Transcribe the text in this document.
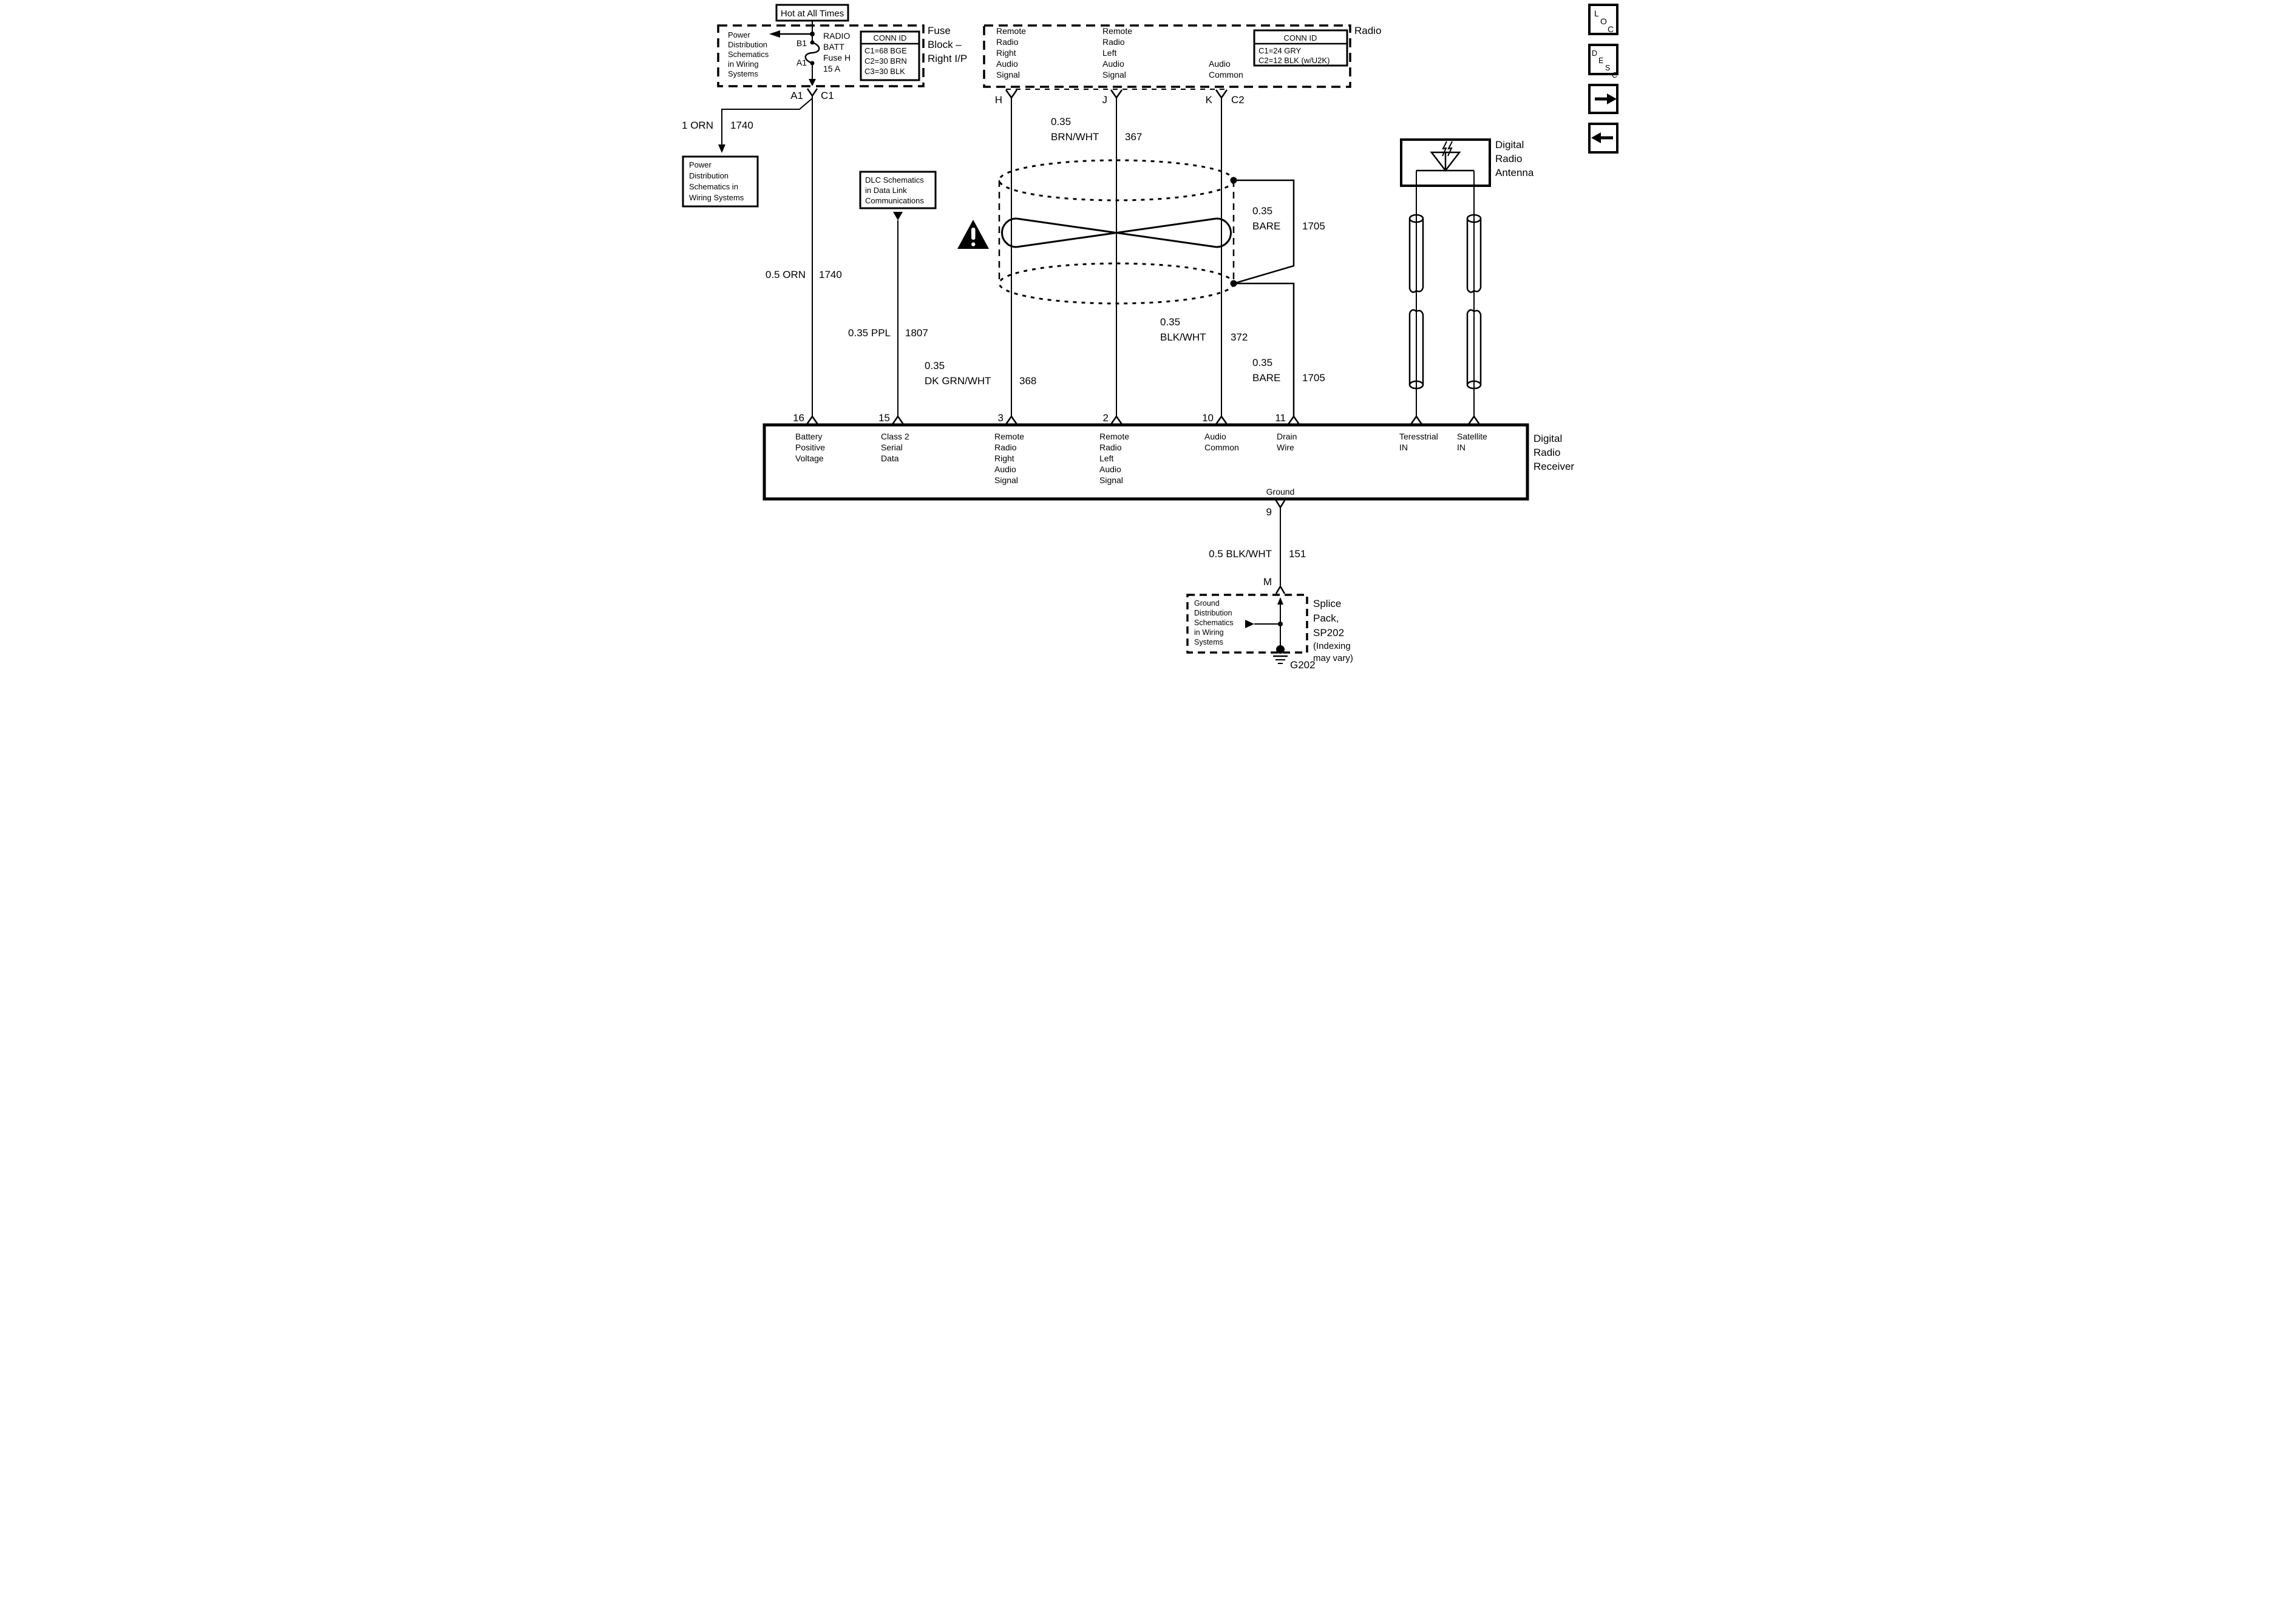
L
O
C
D
E
S
C
Hot at All Times
Power
Distribution
Schematics
in Wiring
Systems
B1
A1
RADIO
BATT
Fuse H
15 A
CONN ID
C1=68 BGE
C2=30 BRN
C3=30 BLK
Fuse
Block –
Right I/P
A1 C1
1 ORN 1740
Power
Distribution
Schematics in
Wiring Systems
0.5 ORN 1740
DLC Schematics
in Data Link
Communications
0.35 PPL 1807
Remote
Radio
Right
Audio
Signal
Remote
Radio
Left
Audio
Signal
Audio
Common
CONN ID
C1=24 GRY
C2=12 BLK (w/U2K)
Radio
H	J	K C2
0.35
BRN/WHT	367
0.35
DK GRN/WHT	368
0.35
BLK/WHT 372
0.35
BARE 1705
0.35
BARE 1705
Digital
Radio
Antenna
Digital
Radio
Receiver
16
Battery
Positive
Voltage
15
Class 2
Serial
Data
3
Remote
Radio
Right
Audio
Signal
2
Remote
Radio
Left
Audio
Signal
10
Audio
Common
11
Drain
Wire
Teresstrial
IN
Satellite
IN
Ground
9
0.5 BLK/WHT 151
M
Ground
Distribution
Schematics
in Wiring
Systems
G202
Splice
Pack,
SP202
(Indexing
may vary)
